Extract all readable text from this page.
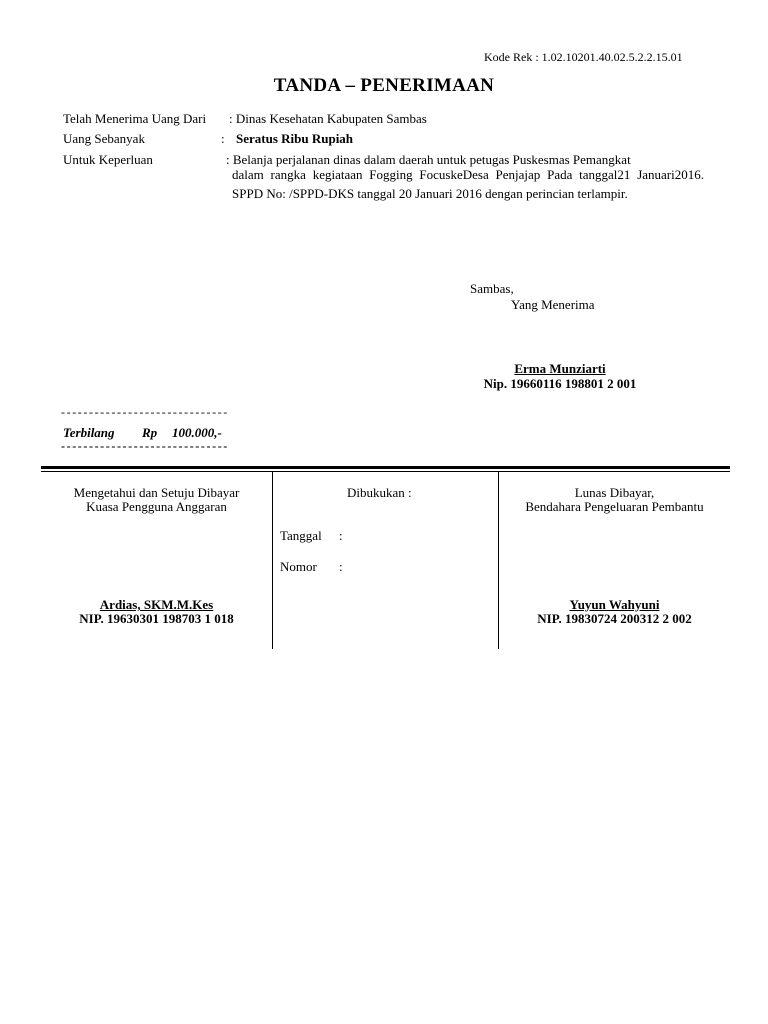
Kode Rek : 1.02.10201.40.02.5.2.2.15.01
TANDA – PENERIMAAN
Telah Menerima Uang Dari : Dinas Kesehatan Kabupaten Sambas
Uang Sebanyak	: Seratus Ribu Rupiah
Untuk Keperluan	: Belanja perjalanan dinas dalam daerah untuk petugas Puskesmas Pemangkat
dalam rangka kegiataan Fogging FocuskeDesa Penjajap Pada tanggal21 Januari2016. SPPD No: /SPPD-DKS tanggal 20 Januari 2016 dengan perincian terlampir.
Sambas,
Yang Menerima
Erma Munziarti
Nip. 19660116 198801 2 001
------------------------------
Terbilang Rp 100.000,-
------------------------------
Mengetahui dan Setuju Dibayar
Kuasa Pengguna Anggaran
Ardias, SKM.M.Kes
NIP. 19630301 198703 1 018
Dibukukan :
Tanggal :
Nomor :
Lunas Dibayar,
Bendahara Pengeluaran Pembantu
Yuyun Wahyuni
NIP. 19830724 200312 2 002
